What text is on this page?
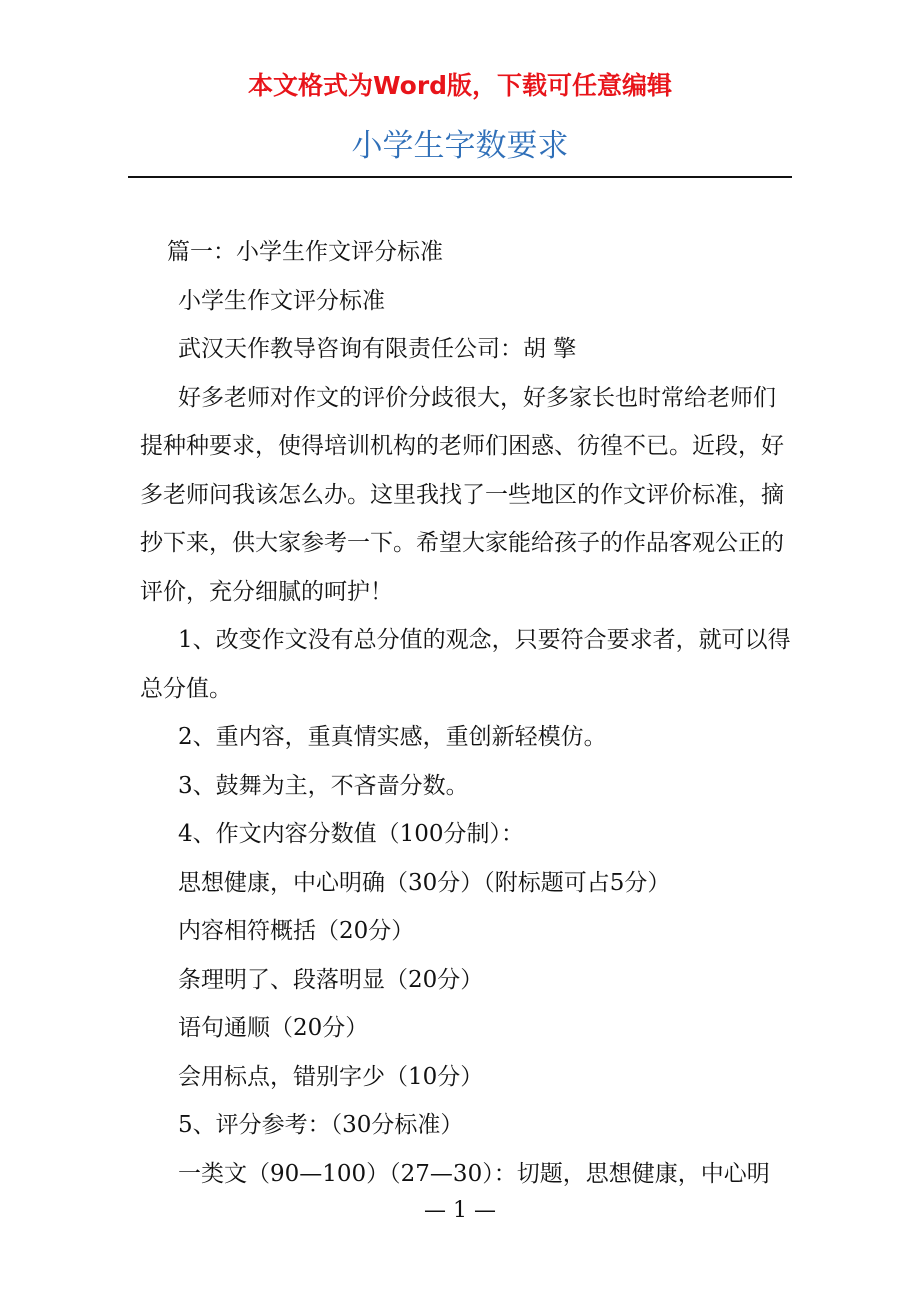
本文格式为Word版，下载可任意编辑
小学生字数要求

篇一：小学生作文评分标准

小学生作文评分标准

武汉天作教导咨询有限责任公司：胡 擎

好多老师对作文的评价分歧很大，好多家长也时常给老师们提种种要求，使得培训机构的老师们困惑、彷徨不已。近段，好多老师问我该怎么办。这里我找了一些地区的作文评价标准，摘抄下来，供大家参考一下。希望大家能给孩子的作品客观公正的评价，充分细腻的呵护！

1、改变作文没有总分值的观念，只要符合要求者，就可以得总分值。

2、重内容，重真情实感，重创新轻模仿。

3、鼓舞为主，不吝啬分数。

4、作文内容分数值（100分制）：

思想健康，中心明确（30分）（附标题可占5分）

内容相符概括（20分）

条理明了、段落明显（20分）

语句通顺（20分）

会用标点，错别字少（10分）

5、评分参考：（30分标准）

一类文（90—100）（27—30）：切题，思想健康，中心明

— 1 —
